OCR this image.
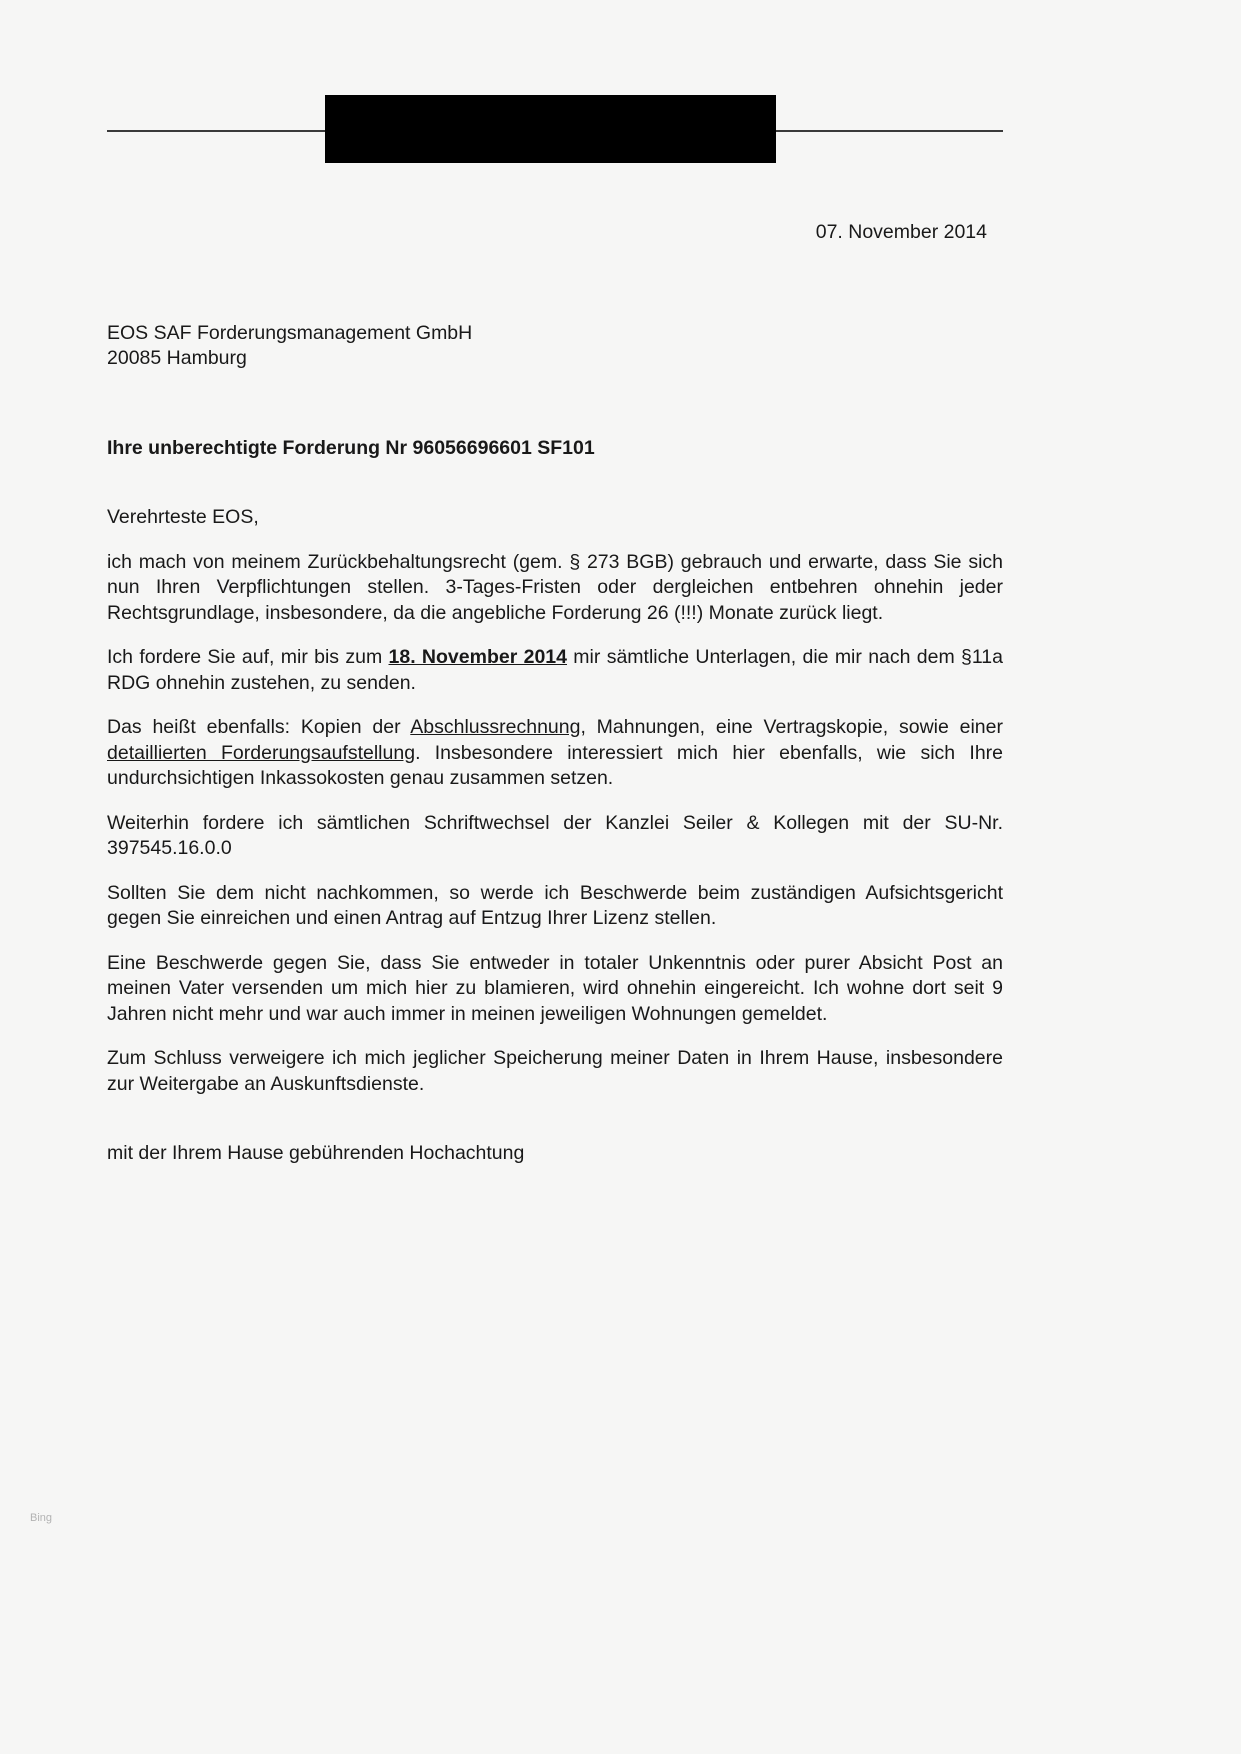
07. November 2014
EOS SAF Forderungsmanagement GmbH
20085 Hamburg
Ihre unberechtigte Forderung Nr 96056696601 SF101
Verehrteste EOS,

ich mach von meinem Zurückbehaltungsrecht (gem. § 273 BGB) gebrauch und erwarte, dass Sie sich nun Ihren Verpflichtungen stellen. 3-Tages-Fristen oder dergleichen entbehren ohnehin jeder Rechtsgrundlage, insbesondere, da die angebliche Forderung 26 (!!!) Monate zurück liegt.

Ich fordere Sie auf, mir bis zum 18. November 2014 mir sämtliche Unterlagen, die mir nach dem §11a RDG ohnehin zustehen, zu senden.

Das heißt ebenfalls: Kopien der Abschlussrechnung, Mahnungen, eine Vertragskopie, sowie einer detaillierten Forderungsaufstellung. Insbesondere interessiert mich hier ebenfalls, wie sich Ihre undurchsichtigen Inkassokosten genau zusammen setzen.

Weiterhin fordere ich sämtlichen Schriftwechsel der Kanzlei Seiler & Kollegen mit der SU-Nr. 397545.16.0.0

Sollten Sie dem nicht nachkommen, so werde ich Beschwerde beim zuständigen Aufsichtsgericht gegen Sie einreichen und einen Antrag auf Entzug Ihrer Lizenz stellen.

Eine Beschwerde gegen Sie, dass Sie entweder in totaler Unkenntnis oder purer Absicht Post an meinen Vater versenden um mich hier zu blamieren, wird ohnehin eingereicht. Ich wohne dort seit 9 Jahren nicht mehr und war auch immer in meinen jeweiligen Wohnungen gemeldet.

Zum Schluss verweigere ich mich jeglicher Speicherung meiner Daten in Ihrem Hause, insbesondere zur Weitergabe an Auskunftsdienste.

mit der Ihrem Hause gebührenden Hochachtung
Bing
